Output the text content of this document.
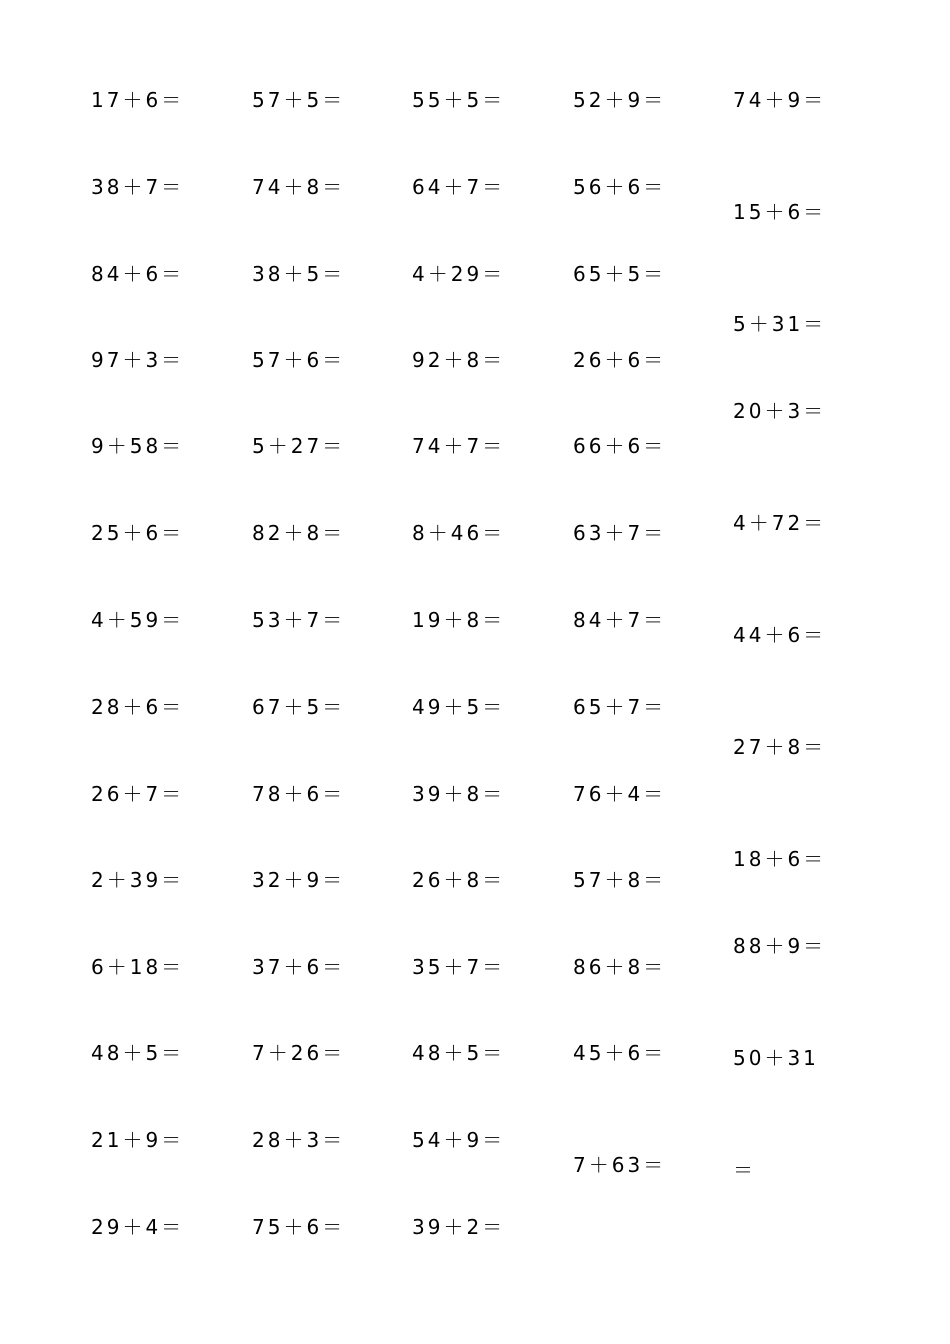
17＋6＝
38＋7＝
84＋6＝
97＋3＝
9＋58＝
25＋6＝
4＋59＝
28＋6＝
26＋7＝
2＋39＝
6＋18＝
48＋5＝
21＋9＝
29＋4＝
57＋5＝
74＋8＝
38＋5＝
57＋6＝
5＋27＝
82＋8＝
53＋7＝
67＋5＝
78＋6＝
32＋9＝
37＋6＝
7＋26＝
28＋3＝
75＋6＝
55＋5＝
64＋7＝
4＋29＝
92＋8＝
74＋7＝
8＋46＝
19＋8＝
49＋5＝
39＋8＝
26＋8＝
35＋7＝
48＋5＝
54＋9＝
39＋2＝
52＋9＝
56＋6＝
65＋5＝
26＋6＝
66＋6＝
63＋7＝
84＋7＝
65＋7＝
76＋4＝
57＋8＝
86＋8＝
45＋6＝
7＋63＝
74＋9＝
15＋6＝
5＋31＝
20＋3＝
4＋72＝
44＋6＝
27＋8＝
18＋6＝
88＋9＝
50＋31
＝
